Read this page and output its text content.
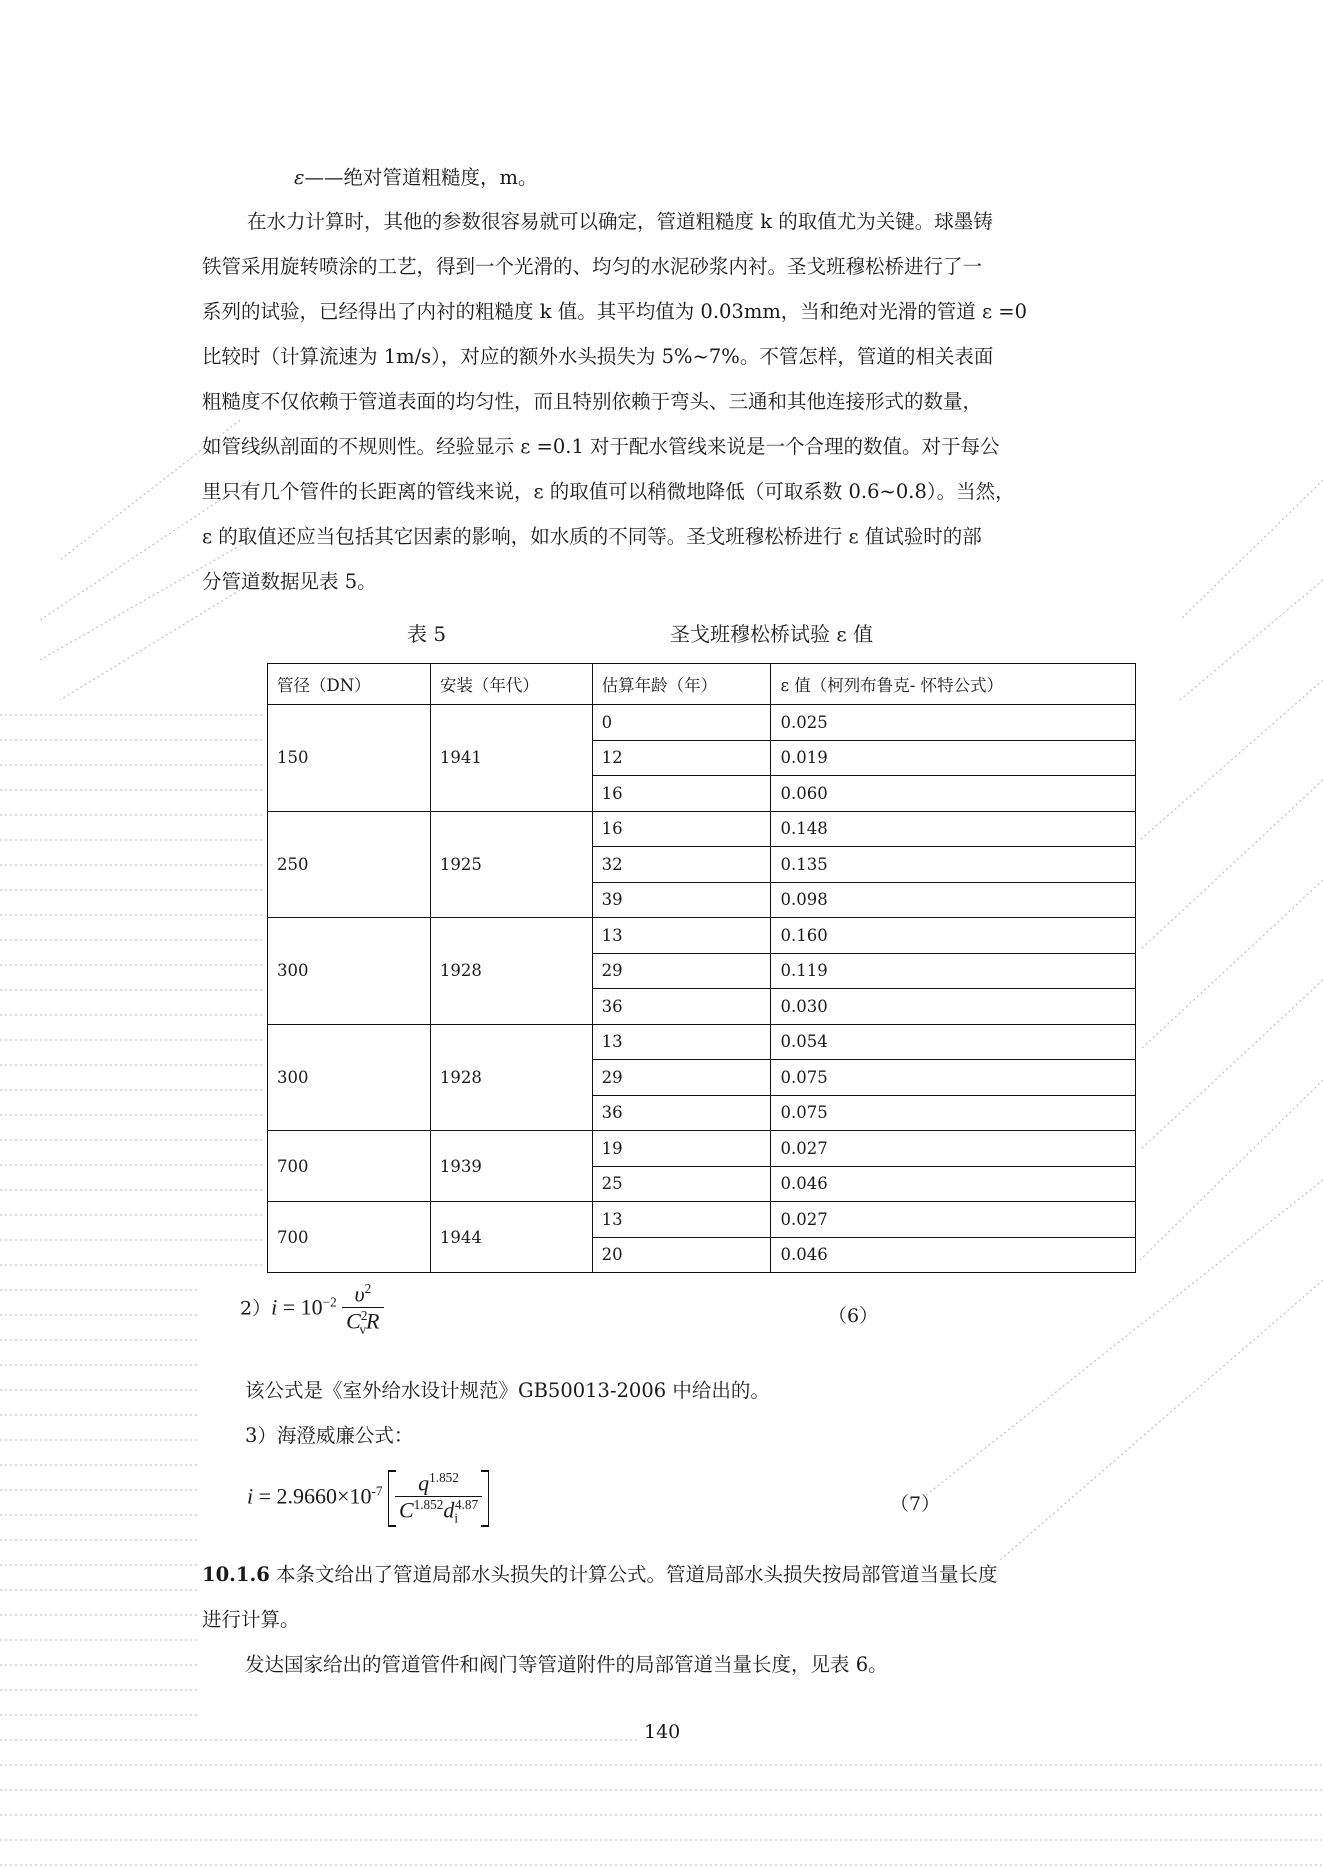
ε——绝对管道粗糙度，m。
在水力计算时，其他的参数很容易就可以确定，管道粗糙度 k 的取值尤为关键。球墨铸
铁管采用旋转喷涂的工艺，得到一个光滑的、均匀的水泥砂浆内衬。圣戈班穆松桥进行了一
系列的试验，已经得出了内衬的粗糙度 k 值。其平均值为 0.03mm，当和绝对光滑的管道 ε =0
比较时（计算流速为 1m/s），对应的额外水头损失为 5%~7%。不管怎样，管道的相关表面
粗糙度不仅依赖于管道表面的均匀性，而且特别依赖于弯头、三通和其他连接形式的数量，
如管线纵剖面的不规则性。经验显示 ε =0.1 对于配水管线来说是一个合理的数值。对于每公
里只有几个管件的长距离的管线来说，ε 的取值可以稍微地降低（可取系数 0.6~0.8）。当然，
ε 的取值还应当包括其它因素的影响，如水质的不同等。圣戈班穆松桥进行 ε 值试验时的部
分管道数据见表 5。
表 5	圣戈班穆松桥试验 ε 值
管径（DN）	安装（年代）	估算年龄（年）	ε 值（柯列布鲁克- 怀特公式）
150	1941	0	0.025
		12	0.019
		16	0.060
250	1925	16	0.148
		32	0.135
		39	0.098
300	1928	13	0.160
		29	0.119
		36	0.030
300	1928	13	0.054
		29	0.075
		36	0.075
700	1939	19	0.027
		25	0.046
700	1944	13	0.027
		20	0.046
$2)i = 10^{-2} \frac{\upsilon^2}{C^2_vR}$	（6）
该公式是《室外给水设计规范》GB50013-2006 中给出的。
3）海澄威廉公式：
$i = 2.9660\times 10^{-7} \frac{q^{1.852}}{C^{1.852}d_i^{4.87}}$	（7）
10.1.6 本条文给出了管道局部水头损失的计算公式。管道局部水头损失按局部管道当量长度
进行计算。
发达国家给出的管道管件和阀门等管道附件的局部管道当量长度，见表 6。
140
